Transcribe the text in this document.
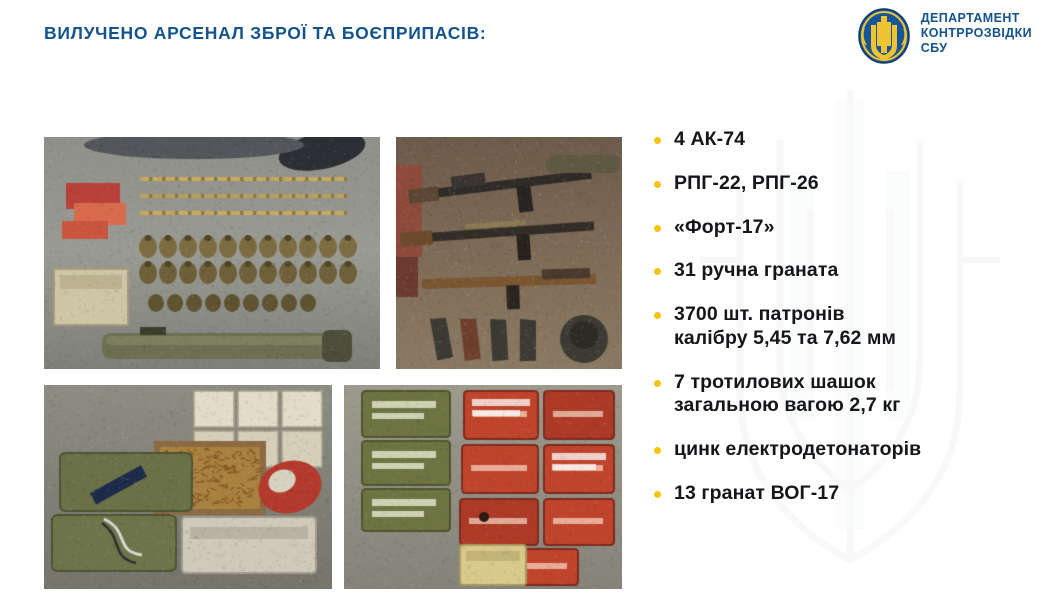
ВИЛУЧЕНО АРСЕНАЛ ЗБРОЇ ТА БОЄПРИПАСІВ:
ДЕПАРТАМЕНТ
КОНТРРОЗВІДКИ
СБУ
4 АК-74
РПГ-22, РПГ-26
«Форт-17»
31 ручна граната
3700 шт. патронів
калібру 5,45 та 7,62 мм
7 тротилових шашок
загальною вагою 2,7 кг
цинк електродетонаторів
13 гранат ВОГ-17
